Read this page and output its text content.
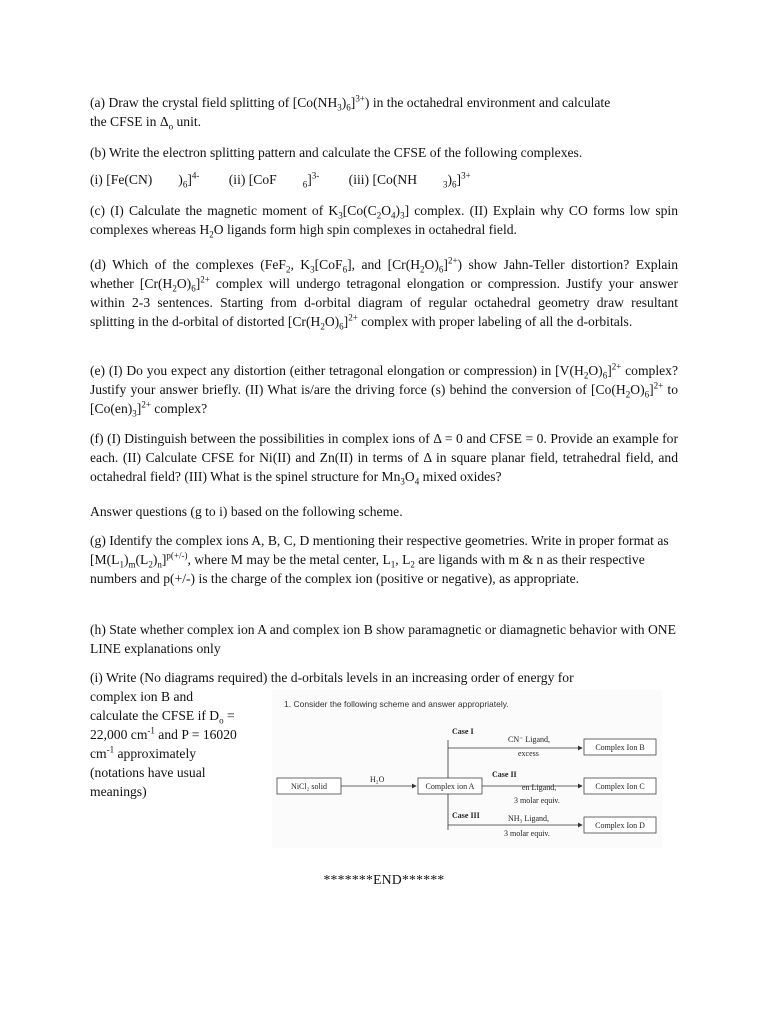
(a) Draw the crystal field splitting of $[Co(NH_3)_6]^{3+}$) in the octahedral environment and calculate
the CFSE in $\Delta_o$ unit.

(b) Write the electron splitting pattern and calculate the CFSE of the following complexes.

(i) [Fe(CN) )$_6]^{4-}$ (ii) [CoF	$_6$]$^{3-}$ (iii) [Co(NH	$_3)_6]^{3+}$

(c) (I) Calculate the magnetic moment of $K_3[Co(C_2O_4)_3]$ complex. (II) Explain why CO forms low spin complexes whereas $H_2O$ ligands form high spin complexes in octahedral field.

(d) Which of the complexes (FeF$_2$, $K_3[CoF_6]$, and $[Cr(H_2O)_6]^{2+}$) show Jahn-Teller distortion? Explain whether $[Cr(H_2O)_6]^{2+}$ complex will undergo tetragonal elongation or compression. Justify your answer within 2-3 sentences. Starting from d-orbital diagram of regular octahedral geometry draw resultant splitting in the d-orbital of distorted $[Cr(H_2O)_6]^{2+}$ complex with proper labeling of all the d-orbitals.

(e) (I) Do you expect any distortion (either tetragonal elongation or compression) in $[V(H_2O)_6]^{2+}$ complex? Justify your answer briefly. (II) What is/are the driving force (s) behind the conversion of $[Co(H_2O)_6]^{2+}$ to $[Co(en)_3]^{2+}$ complex?

(f) (I) Distinguish between the possibilities in complex ions of Δ = 0 and CFSE = 0. Provide an example for each. (II) Calculate CFSE for Ni(II) and Zn(II) in terms of Δ in square planar field, tetrahedral field, and octahedral field? (III) What is the spinel structure for $Mn_3O_4$ mixed oxides?

Answer questions (g to i) based on the following scheme.

(g) Identify the complex ions A, B, C, D mentioning their respective geometries. Write in proper format as $[M(L_1)_m(L_2)_n]^{p(+/-)}$, where M may be the metal center, $L_1$, $L_2$ are ligands with m & n as their respective numbers and p(+/-) is the charge of the complex ion (positive or negative), as appropriate.

(h) State whether complex ion A and complex ion B show paramagnetic or diamagnetic behavior with ONE LINE explanations only

(i) Write (No diagrams required) the d-orbitals levels in an increasing order of energy for
complex ion B and
calculate the CFSE if $D_o$ =
22,000 $cm^{-1}$ and P = 16020
$cm^{-1}$ approximately
(notations have usual
meanings)

1. Consider the following scheme and answer appropriately.
NiCl₂ solid
H₂O
Complex ion A
Case I
CN⁻ Ligand,
excess
Complex Ion B
Case II
en Ligand,
3 molar equiv.
Complex Ion C
Case III	NH₃ Ligand,
3 molar equiv.
Complex Ion D
*******END******
